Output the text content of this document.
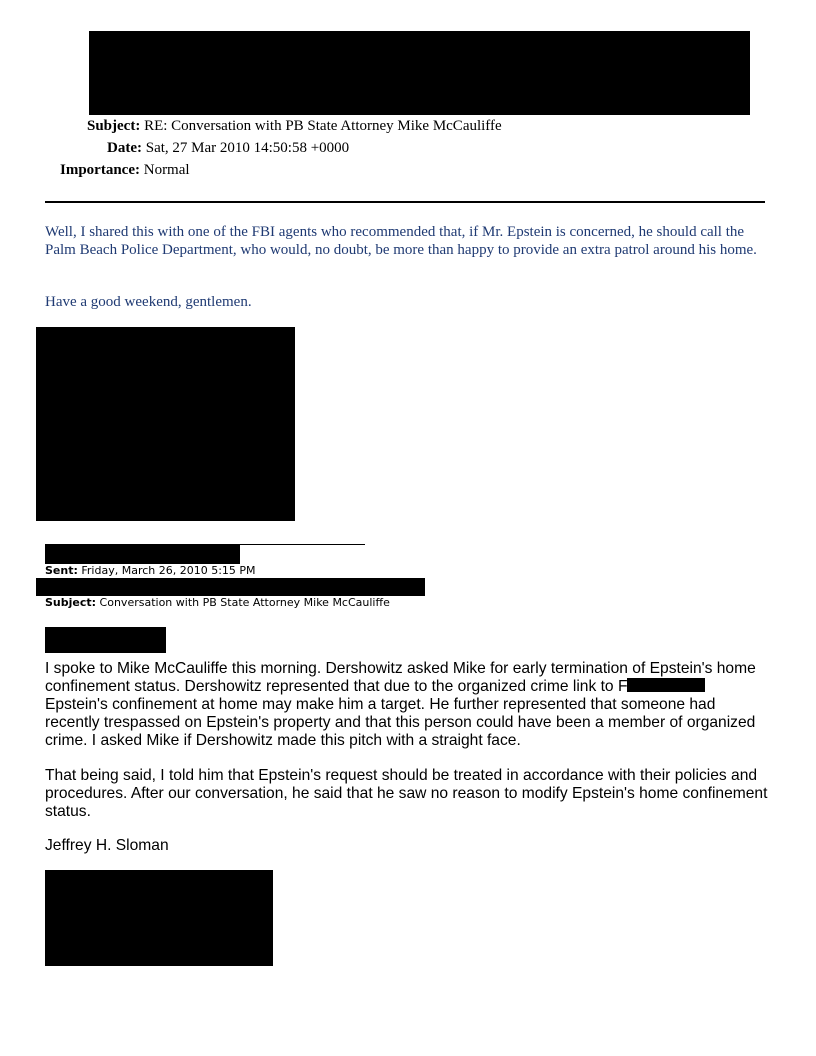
Subject: RE: Conversation with PB State Attorney Mike McCauliffe
Date: Sat, 27 Mar 2010 14:50:58 +0000
Importance: Normal
Well, I shared this with one of the FBI agents who recommended that, if Mr. Epstein is concerned, he should call the Palm Beach Police Department, who would, no doubt, be more than happy to provide an extra patrol around his home.
Have a good weekend, gentlemen.
Sent: Friday, March 26, 2010 5:15 PM
Subject: Conversation with PB State Attorney Mike McCauliffe
I spoke to Mike McCauliffe this morning. Dershowitz asked Mike for early termination of Epstein's home confinement status. Dershowitz represented that due to the organized crime link to F Epstein's confinement at home may make him a target. He further represented that someone had recently trespassed on Epstein's property and that this person could have been a member of organized crime. I asked Mike if Dershowitz made this pitch with a straight face.
That being said, I told him that Epstein's request should be treated in accordance with their policies and procedures. After our conversation, he said that he saw no reason to modify Epstein's home confinement status.
Jeffrey H. Sloman
